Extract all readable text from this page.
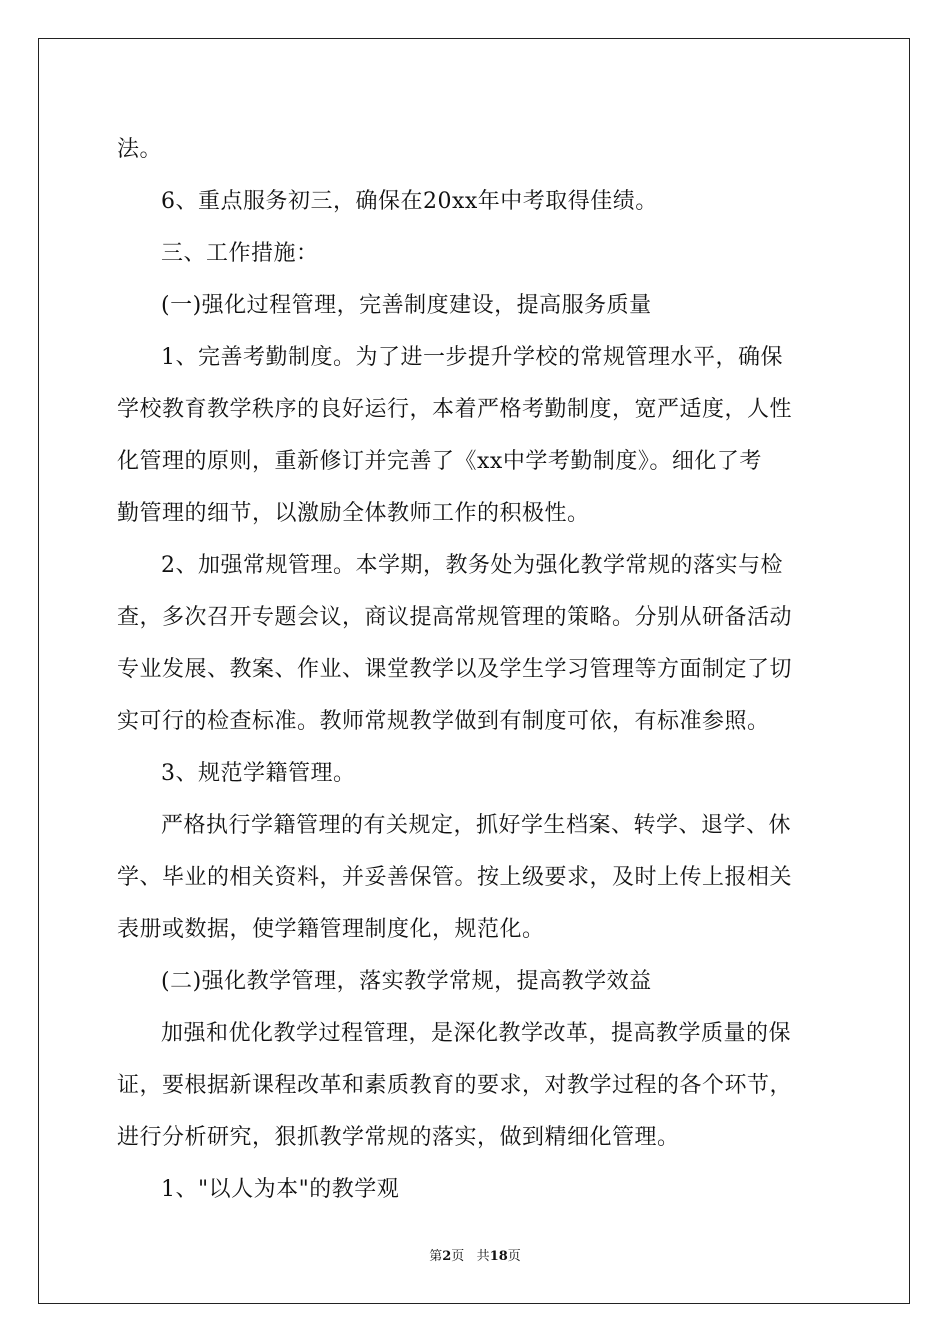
法。
6、重点服务初三，确保在20xx年中考取得佳绩。
三、工作措施：
(一)强化过程管理，完善制度建设，提高服务质量
1、完善考勤制度。为了进一步提升学校的常规管理水平，确保
学校教育教学秩序的良好运行，本着严格考勤制度，宽严适度，人性
化管理的原则，重新修订并完善了《xx中学考勤制度》。细化了考
勤管理的细节，以激励全体教师工作的积极性。
2、加强常规管理。本学期，教务处为强化教学常规的落实与检
查，多次召开专题会议，商议提高常规管理的策略。分别从研备活动
专业发展、教案、作业、课堂教学以及学生学习管理等方面制定了切
实可行的检查标准。教师常规教学做到有制度可依，有标准参照。
3、规范学籍管理。
严格执行学籍管理的有关规定，抓好学生档案、转学、退学、休
学、毕业的相关资料，并妥善保管。按上级要求，及时上传上报相关
表册或数据，使学籍管理制度化，规范化。
(二)强化教学管理，落实教学常规，提高教学效益
加强和优化教学过程管理，是深化教学改革，提高教学质量的保
证，要根据新课程改革和素质教育的要求，对教学过程的各个环节，
进行分析研究，狠抓教学常规的落实，做到精细化管理。
1、"以人为本"的教学观
第2页 共18页
